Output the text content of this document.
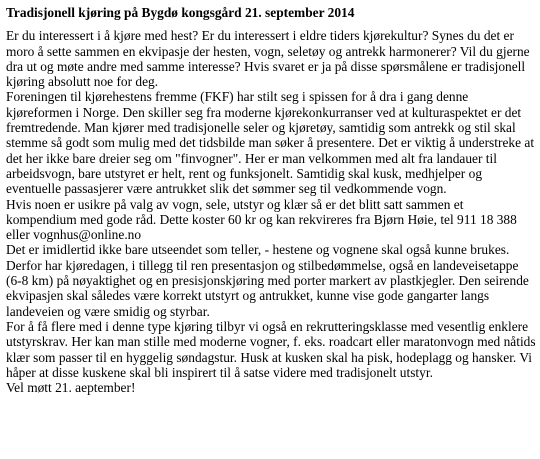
Tradisjonell kjøring på Bygdø kongsgård 21. september 2014

Er du interessert i å kjøre med hest? Er du interessert i eldre tiders kjørekultur? Synes du det er moro å sette sammen en ekvipasje der hesten, vogn, seletøy og antrekk harmonerer? Vil du gjerne dra ut og møte andre med samme interesse? Hvis svaret er ja på disse spørsmålene er tradisjonell kjøring absolutt noe for deg.

Foreningen til kjørehestens fremme (FKF) har stilt seg i spissen for å dra i gang denne kjøreformen i Norge. Den skiller seg fra moderne kjørekonkurranser ved at kulturaspektet er det fremtredende. Man kjører med tradisjonelle seler og kjøretøy, samtidig som antrekk og stil skal stemme så godt som mulig med det tidsbilde man søker å presentere. Det er viktig å understreke at det her ikke bare dreier seg om "finvogner". Her er man velkommen med alt fra landauer til arbeidsvogn, bare utstyret er helt, rent og funksjonelt. Samtidig skal kusk, medhjelper og eventuelle passasjerer være antrukket slik det sømmer seg til vedkommende vogn.

Hvis noen er usikre på valg av vogn, sele, utstyr og klær så er det blitt satt sammen et kompendium med gode råd. Dette koster 60 kr og kan rekvireres fra Bjørn Høie, tel 911 18 388 eller vognhus@online.no

Det er imidlertid ikke bare utseendet som teller, - hestene og vognene skal også kunne brukes. Derfor har kjøredagen, i tillegg til ren presentasjon og stilbedømmelse, også en landeveisetappe (6-8 km) på nøyaktighet og en presisjonskjøring med porter markert av plastkjegler. Den seirende ekvipasjen skal således være korrekt utstyrt og antrukket, kunne vise gode gangarter langs landeveien og være smidig og styrbar.

For å få flere med i denne type kjøring tilbyr vi også en rekrutteringsklasse med vesentlig enklere utstyrskrav. Her kan man stille med moderne vogner, f. eks. roadcart eller maratonvogn med nåtids klær som passer til en hyggelig søndagstur. Husk at kusken skal ha pisk, hodeplagg og hansker. Vi håper at disse kuskene skal bli inspirert til å satse videre med tradisjonelt utstyr.

Vel møtt 21. aeptember!
